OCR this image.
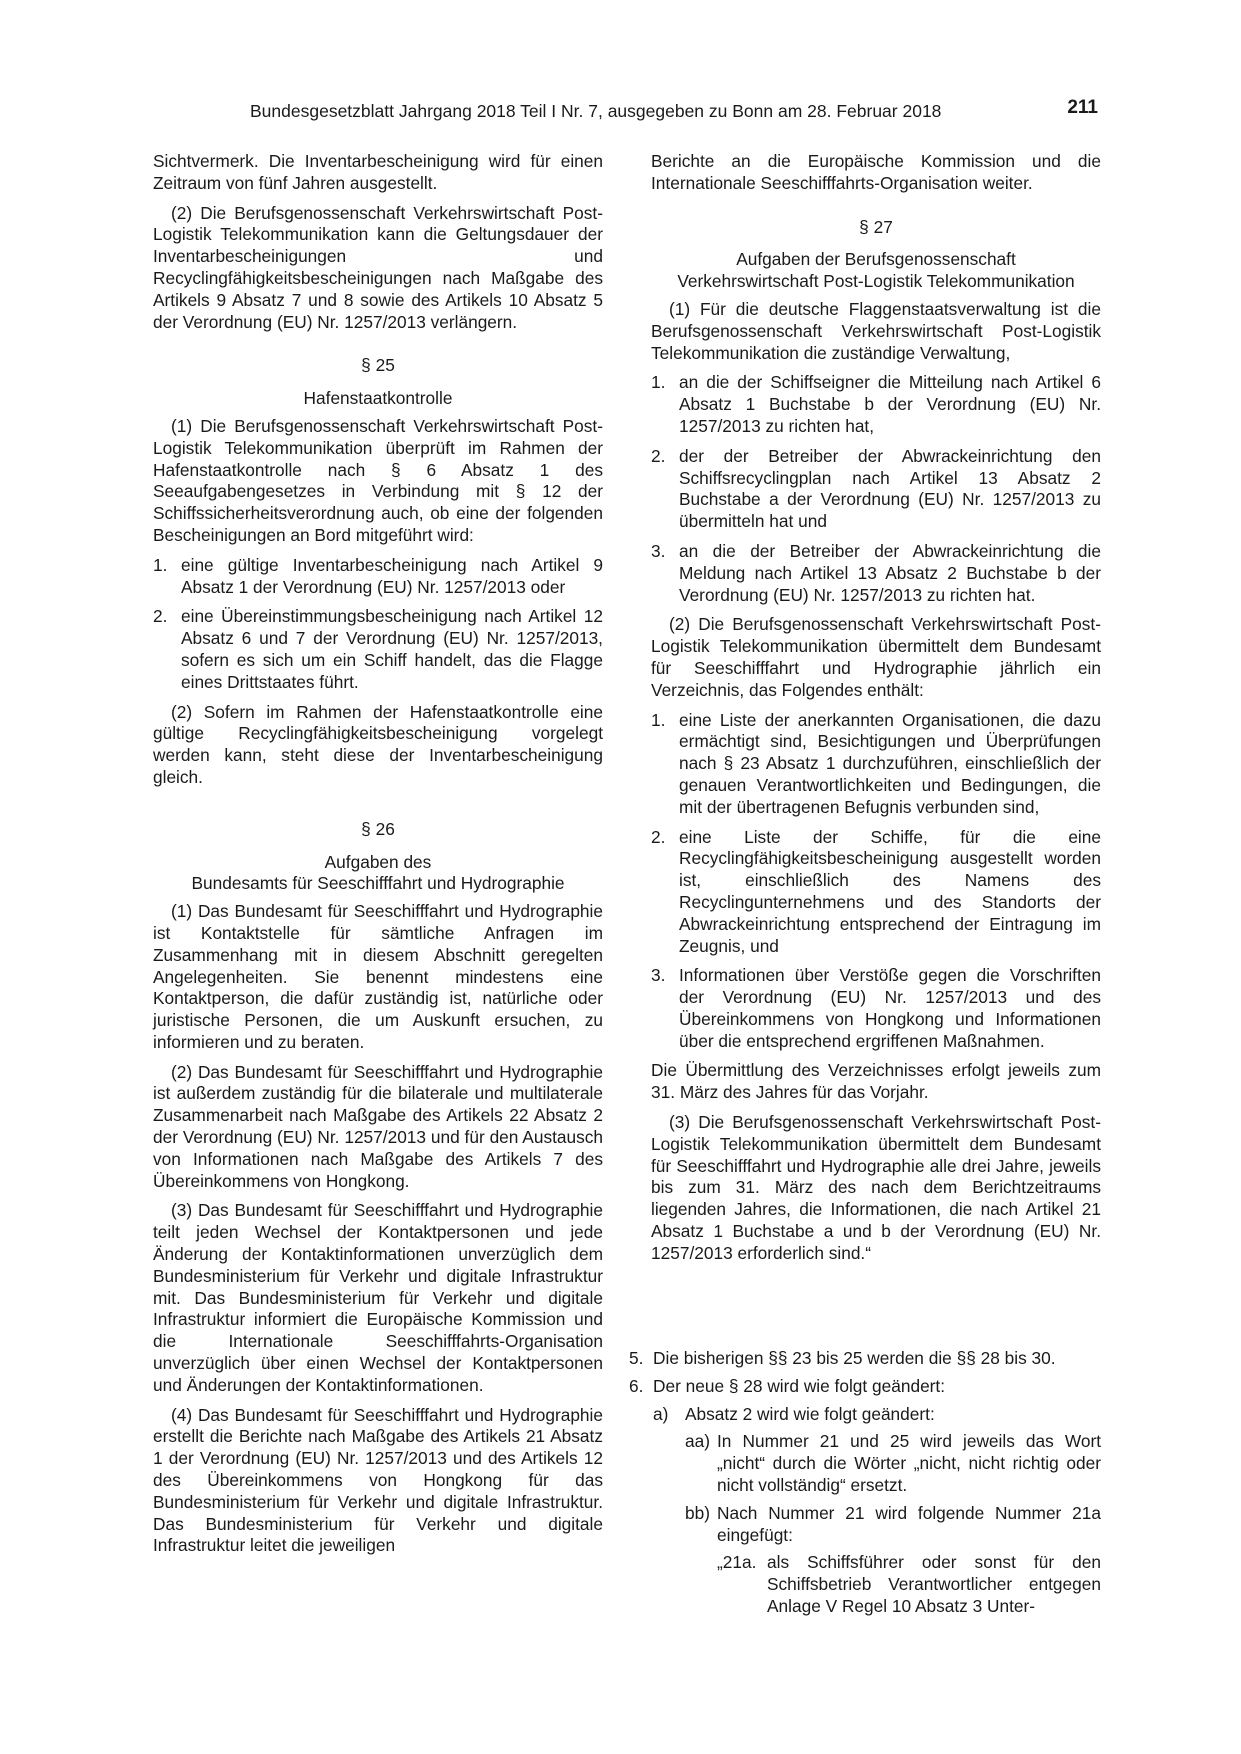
Bundesgesetzblatt Jahrgang 2018 Teil I Nr. 7, ausgegeben zu Bonn am 28. Februar 2018	211

Sichtvermerk. Die Inventarbescheinigung wird für einen Zeitraum von fünf Jahren ausgestellt.

(2) Die Berufsgenossenschaft Verkehrswirtschaft Post-Logistik Telekommunikation kann die Geltungsdauer der Inventarbescheinigungen und Recyclingfähigkeitsbescheinigungen nach Maßgabe des Artikels 9 Absatz 7 und 8 sowie des Artikels 10 Absatz 5 der Verordnung (EU) Nr. 1257/2013 verlängern.

§ 25
Hafenstaatkontrolle

(1) Die Berufsgenossenschaft Verkehrswirtschaft Post-Logistik Telekommunikation überprüft im Rahmen der Hafenstaatkontrolle nach § 6 Absatz 1 des Seeaufgabengesetzes in Verbindung mit § 12 der Schiffssicherheitsverordnung auch, ob eine der folgenden Bescheinigungen an Bord mitgeführt wird:

1. eine gültige Inventarbescheinigung nach Artikel 9 Absatz 1 der Verordnung (EU) Nr. 1257/2013 oder
2. eine Übereinstimmungsbescheinigung nach Artikel 12 Absatz 6 und 7 der Verordnung (EU) Nr. 1257/2013, sofern es sich um ein Schiff handelt, das die Flagge eines Drittstaates führt.

(2) Sofern im Rahmen der Hafenstaatkontrolle eine gültige Recyclingfähigkeitsbescheinigung vorgelegt werden kann, steht diese der Inventarbescheinigung gleich.

§ 26
Aufgaben des
Bundesamts für Seeschifffahrt und Hydrographie

(1) Das Bundesamt für Seeschifffahrt und Hydrographie ist Kontaktstelle für sämtliche Anfragen im Zusammenhang mit in diesem Abschnitt geregelten Angelegenheiten. Sie benennt mindestens eine Kontaktperson, die dafür zuständig ist, natürliche oder juristische Personen, die um Auskunft ersuchen, zu informieren und zu beraten.

(2) Das Bundesamt für Seeschifffahrt und Hydrographie ist außerdem zuständig für die bilaterale und multilaterale Zusammenarbeit nach Maßgabe des Artikels 22 Absatz 2 der Verordnung (EU) Nr. 1257/2013 und für den Austausch von Informationen nach Maßgabe des Artikels 7 des Übereinkommens von Hongkong.

(3) Das Bundesamt für Seeschifffahrt und Hydrographie teilt jeden Wechsel der Kontaktpersonen und jede Änderung der Kontaktinformationen unverzüglich dem Bundesministerium für Verkehr und digitale Infrastruktur mit. Das Bundesministerium für Verkehr und digitale Infrastruktur informiert die Europäische Kommission und die Internationale Seeschifffahrts-Organisation unverzüglich über einen Wechsel der Kontaktpersonen und Änderungen der Kontaktinformationen.

(4) Das Bundesamt für Seeschifffahrt und Hydrographie erstellt die Berichte nach Maßgabe des Artikels 21 Absatz 1 der Verordnung (EU) Nr. 1257/2013 und des Artikels 12 des Übereinkommens von Hongkong für das Bundesministerium für Verkehr und digitale Infrastruktur. Das Bundesministerium für Verkehr und digitale Infrastruktur leitet die jeweiligen

Berichte an die Europäische Kommission und die Internationale Seeschifffahrts-Organisation weiter.

§ 27
Aufgaben der Berufsgenossenschaft
Verkehrswirtschaft Post-Logistik Telekommunikation

(1) Für die deutsche Flaggenstaatsverwaltung ist die Berufsgenossenschaft Verkehrswirtschaft Post-Logistik Telekommunikation die zuständige Verwaltung,

1. an die der Schiffseigner die Mitteilung nach Artikel 6 Absatz 1 Buchstabe b der Verordnung (EU) Nr. 1257/2013 zu richten hat,
2. der der Betreiber der Abwrackeinrichtung den Schiffsrecyclingplan nach Artikel 13 Absatz 2 Buchstabe a der Verordnung (EU) Nr. 1257/2013 zu übermitteln hat und
3. an die der Betreiber der Abwrackeinrichtung die Meldung nach Artikel 13 Absatz 2 Buchstabe b der Verordnung (EU) Nr. 1257/2013 zu richten hat.

(2) Die Berufsgenossenschaft Verkehrswirtschaft Post-Logistik Telekommunikation übermittelt dem Bundesamt für Seeschifffahrt und Hydrographie jährlich ein Verzeichnis, das Folgendes enthält:

1. eine Liste der anerkannten Organisationen, die dazu ermächtigt sind, Besichtigungen und Überprüfungen nach § 23 Absatz 1 durchzuführen, einschließlich der genauen Verantwortlichkeiten und Bedingungen, die mit der übertragenen Befugnis verbunden sind,
2. eine Liste der Schiffe, für die eine Recyclingfähigkeitsbescheinigung ausgestellt worden ist, einschließlich des Namens des Recyclingunternehmens und des Standorts der Abwrackeinrichtung entsprechend der Eintragung im Zeugnis, und
3. Informationen über Verstöße gegen die Vorschriften der Verordnung (EU) Nr. 1257/2013 und des Übereinkommens von Hongkong und Informationen über die entsprechend ergriffenen Maßnahmen.

Die Übermittlung des Verzeichnisses erfolgt jeweils zum 31. März des Jahres für das Vorjahr.

(3) Die Berufsgenossenschaft Verkehrswirtschaft Post-Logistik Telekommunikation übermittelt dem Bundesamt für Seeschifffahrt und Hydrographie alle drei Jahre, jeweils bis zum 31. März des nach dem Berichtzeitraums liegenden Jahres, die Informationen, die nach Artikel 21 Absatz 1 Buchstabe a und b der Verordnung (EU) Nr. 1257/2013 erforderlich sind.“

5. Die bisherigen §§ 23 bis 25 werden die §§ 28 bis 30.
6. Der neue § 28 wird wie folgt geändert:
a) Absatz 2 wird wie folgt geändert:
aa) In Nummer 21 und 25 wird jeweils das Wort „nicht“ durch die Wörter „nicht, nicht richtig oder nicht vollständig“ ersetzt.
bb) Nach Nummer 21 wird folgende Nummer 21a eingefügt:
„21a. als Schiffsführer oder sonst für den Schiffsbetrieb Verantwortlicher entgegen Anlage V Regel 10 Absatz 3 Unter-
